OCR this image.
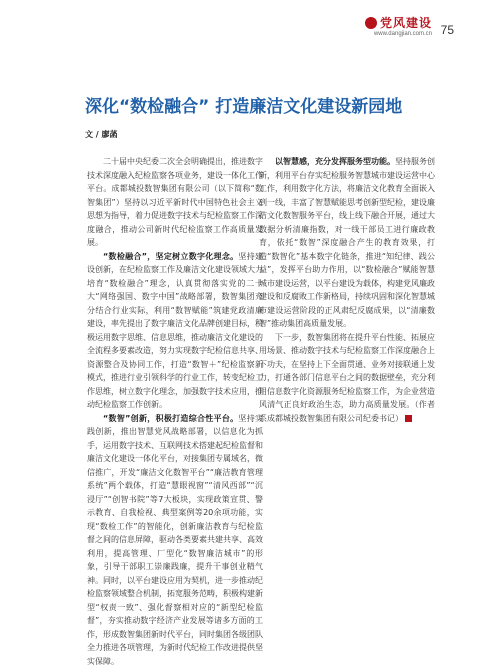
党风建设
www.dangjian.com.cn 75
深化“数检融合” 打造廉洁文化建设新园地
文 / 廖菡

二十届中央纪委二次全会明确提出，推进数字技术深度融入纪检监察各项业务，建设一体化工作平台。成都城投数智集团有限公司（以下简称“数智集团”）坚持以习近平新时代中国特色社会主义思想为指导，着力促进数字技术与纪检监察工作深度融合，推动公司新时代纪检监察工作高质量发展。

“数检融合”，坚定树立数字化理念。坚持建设创新，在纪检监察工作及廉洁文化建设领域大力培育“数检融合”理念，认真贯彻落实党的二十大“网络强国、数字中国”战略部署，数智集团充分结合行业实际，利用“数智赋能”筑建党政清廉建设，率先提出了数字廉洁文化品牌创建目标，积极运用数字思维、信息思维，推动廉洁文化建设的全流程多要素改造，努力实现数字纪检信息共享、资源整合及协同工作，打造“数智＋”纪检监察新模式，推进行业引领科学的行业工作，转变纪检工作思维，树立数字化理念，加强数字技术应用，推动纪检监察工作创新。

“数智”创新，积极打造综合性平台。坚持实践创新，推出智慧党风战略部署，以信息化为抓手，运用数字技术、互联网技术搭建起纪检监督和廉洁文化建设一体化平台，对接集团专属域名，微信推广，开发“廉洁文化数智平台”“廉洁教育管理系统”两个载体，打造“慧眼视窗”“清风西部”“沉浸厅”“创智书院”等7大板块，实现政策宣贯、警示教育、自我检视、典型案例等20余项功能，实现“数检工作”的智能化，创新廉洁教育与纪检监督之间的信息屏障，驱动各类要素共建共享、高效利用，提高管理、厂型化“数智廉洁城市”的形象，引导干部职工崇廉践廉，提升干事创业精气神。同时，以平台建设应用为契机，进一步推动纪检监察领域整合机制，拓宽服务范畴，积极构建新型“权责一致”、强化督察相对应的“新型纪检监督”，夯实推动数字经济产业发展等诸多方面的工作，形成数智集团新时代平台，同时集团各级团队全力推进各项管理，为新时代纪检工作改进提供坚实保障。

以智慧感，充分发挥服务型功能。坚持服务创新，利用平台存实纪检服务智慧城市建设运营中心工作，利用数字化方法，将廉洁文化教育全面嵌入到一线，丰富了智慧赋能思考创新型纪检，建设廉洁文化数智服务平台，线上线下融合开展，通过大数据分析清廉指数，对一线干部员工进行廉政教育，依托“数智”深度融合产生的教育效果，打造“数智化”基本数字化链条，推进“知纪律、践公益”，发挥平台助力作用，以“数检融合”赋能智慧城市建设运营，以平台建设为载体，构建党风廉政建设和反腐败工作新格局，持续巩固和深化智慧城市建设运营阶段的正风肃纪反腐成果，以“清廉数智”推动集团高质量发展。

下一步，数智集团将在提升平台性能、拓展应用场景、推动数字技术与纪检监察工作深度融合上下功夫，在坚持上下全面贯通、业务对接联通上发力，打通各部门信息平台之间的数据壁垒，充分利用信息数字化资源服务纪检监察工作，为企业营造风清气正良好政治生态，助力高质量发展。（作者系成都城投数智集团有限公司纪委书记）
